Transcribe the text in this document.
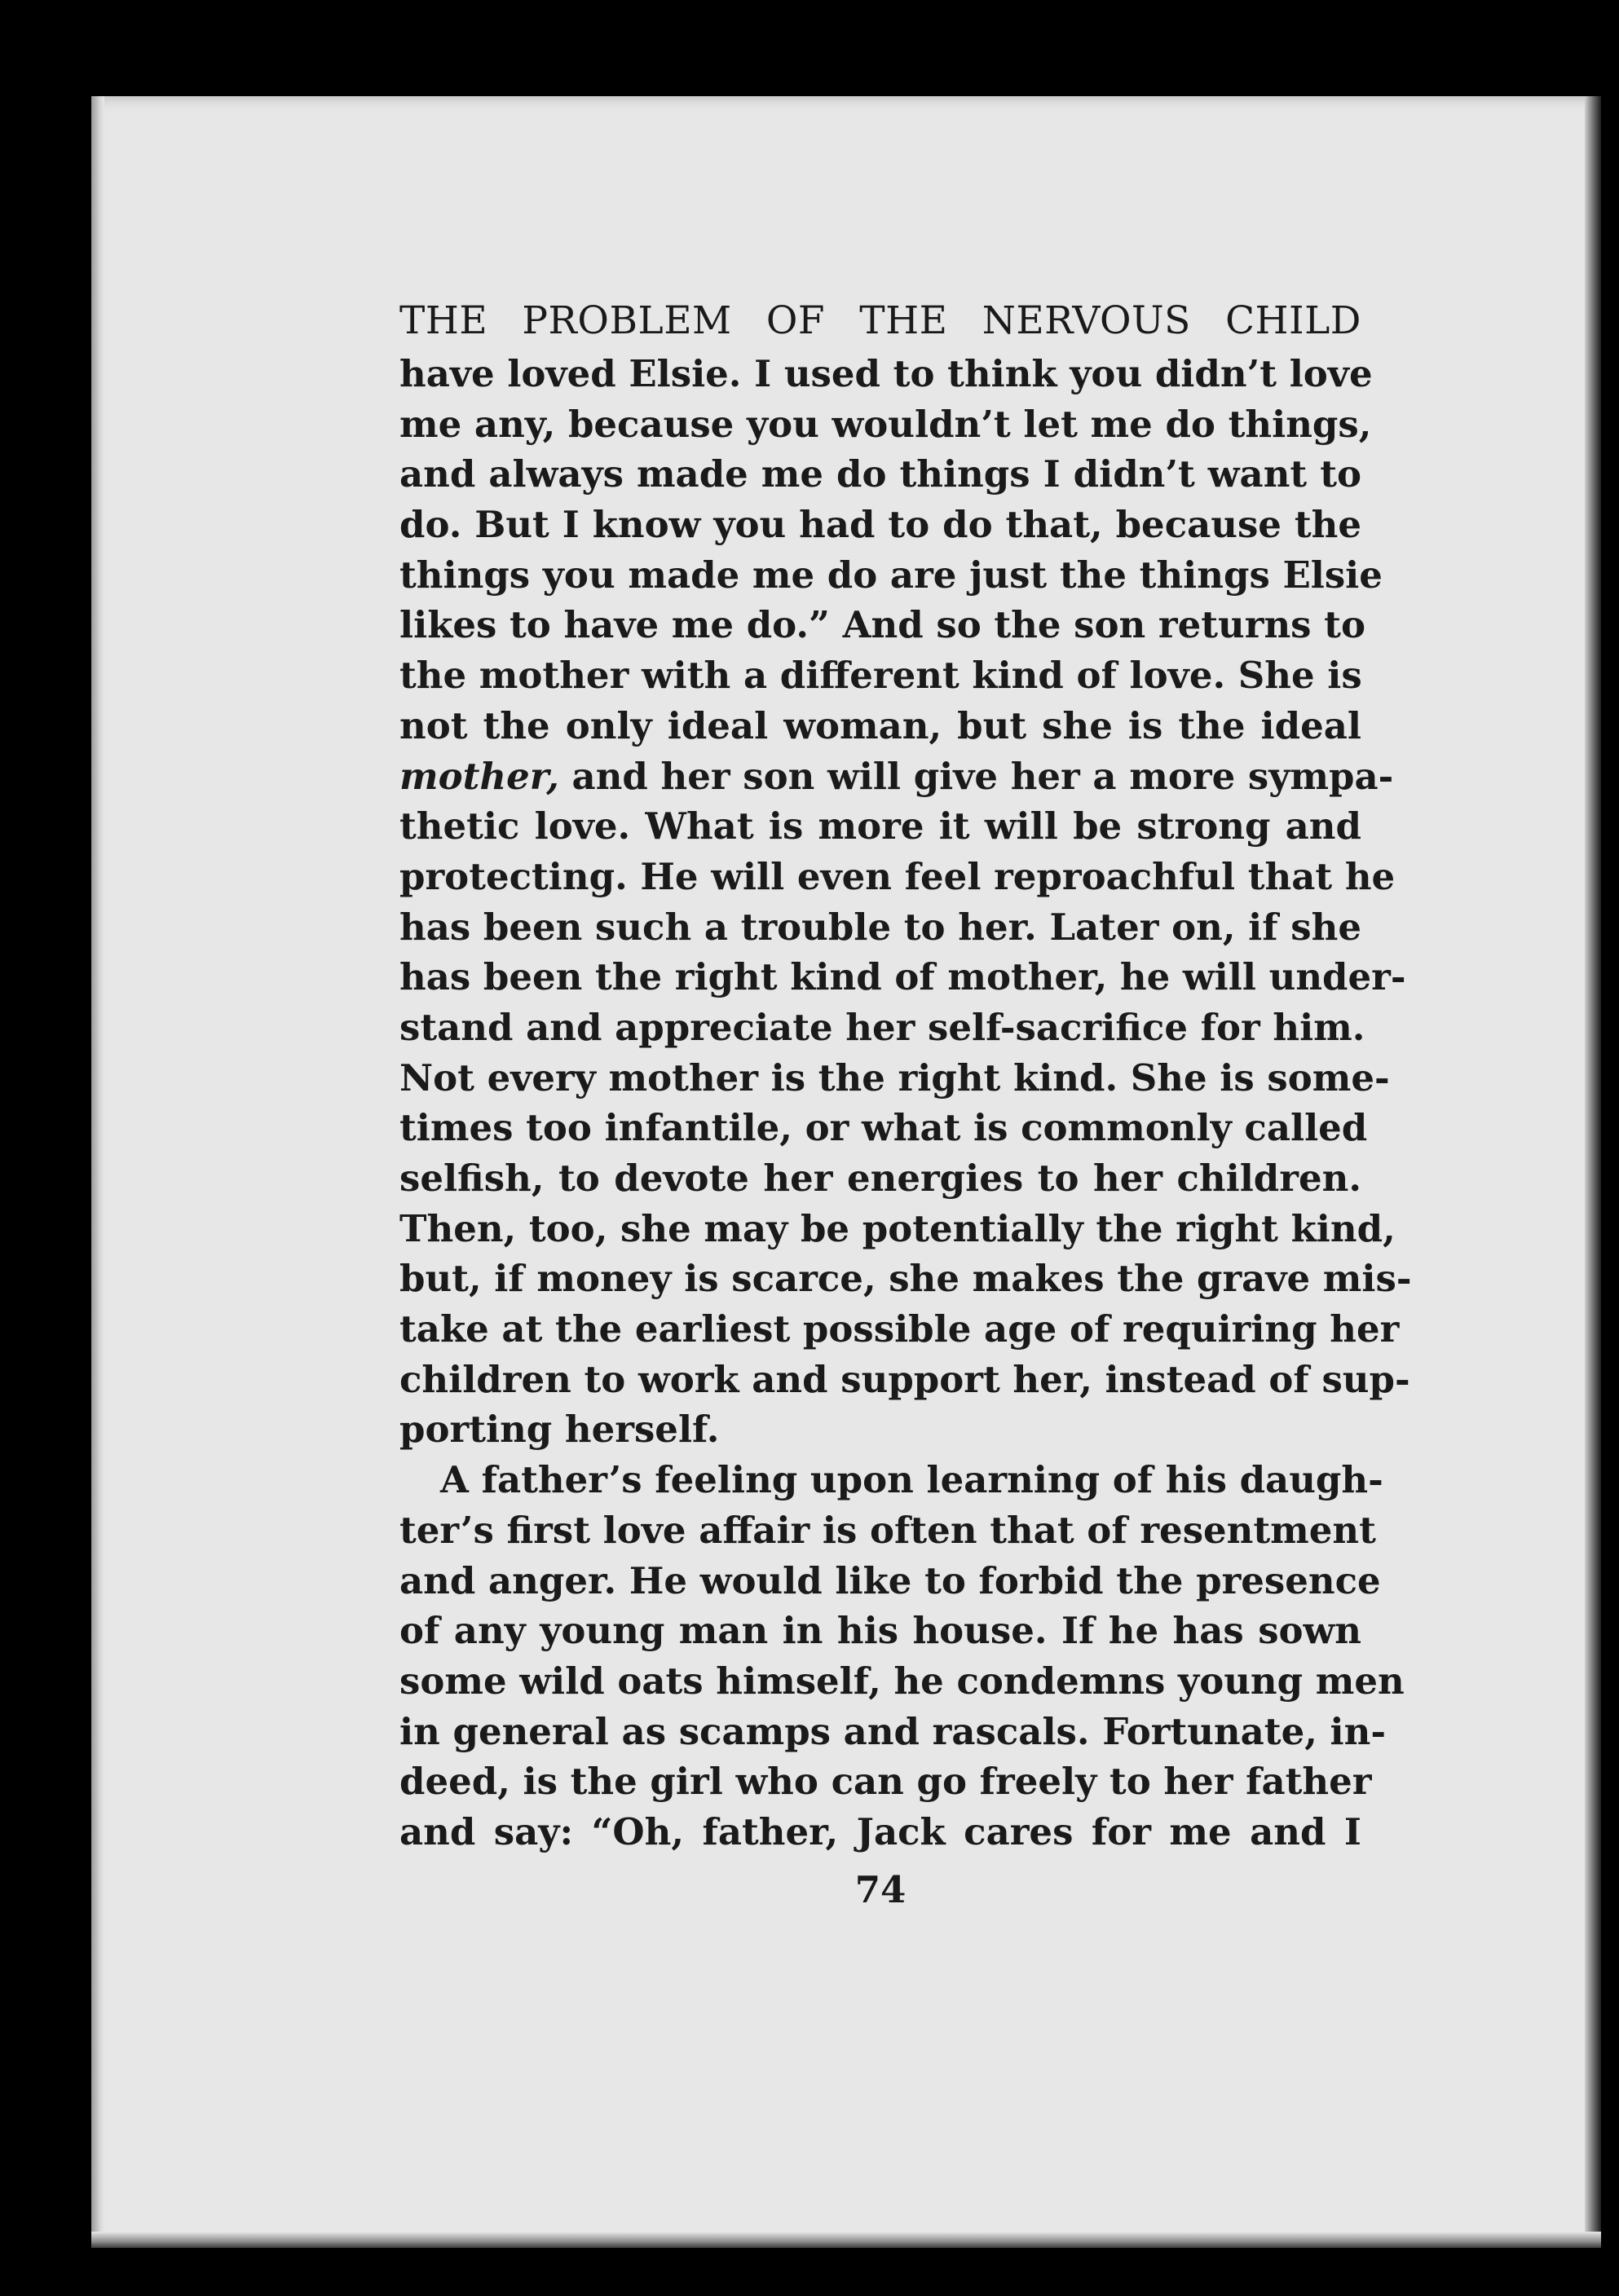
THE PROBLEM OF THE NERVOUS CHILD
have loved Elsie. I used to think you didn’t love
me any, because you wouldn’t let me do things,
and always made me do things I didn’t want to
do. But I know you had to do that, because the
things you made me do are just the things Elsie
likes to have me do.” And so the son returns to
the mother with a different kind of love. She is
not the only ideal woman, but she is the ideal
mother, and her son will give her a more sympa-
thetic love. What is more it will be strong and
protecting. He will even feel reproachful that he
has been such a trouble to her. Later on, if she
has been the right kind of mother, he will under-
stand and appreciate her self-sacrifice for him.
Not every mother is the right kind. She is some-
times too infantile, or what is commonly called
selfish, to devote her energies to her children.
Then, too, she may be potentially the right kind,
but, if money is scarce, she makes the grave mis-
take at the earliest possible age of requiring her
children to work and support her, instead of sup-
porting herself.
A father’s feeling upon learning of his daugh-
ter’s first love affair is often that of resentment
and anger. He would like to forbid the presence
of any young man in his house. If he has sown
some wild oats himself, he condemns young men
in general as scamps and rascals. Fortunate, in-
deed, is the girl who can go freely to her father
and say: “Oh, father, Jack cares for me and I
74
